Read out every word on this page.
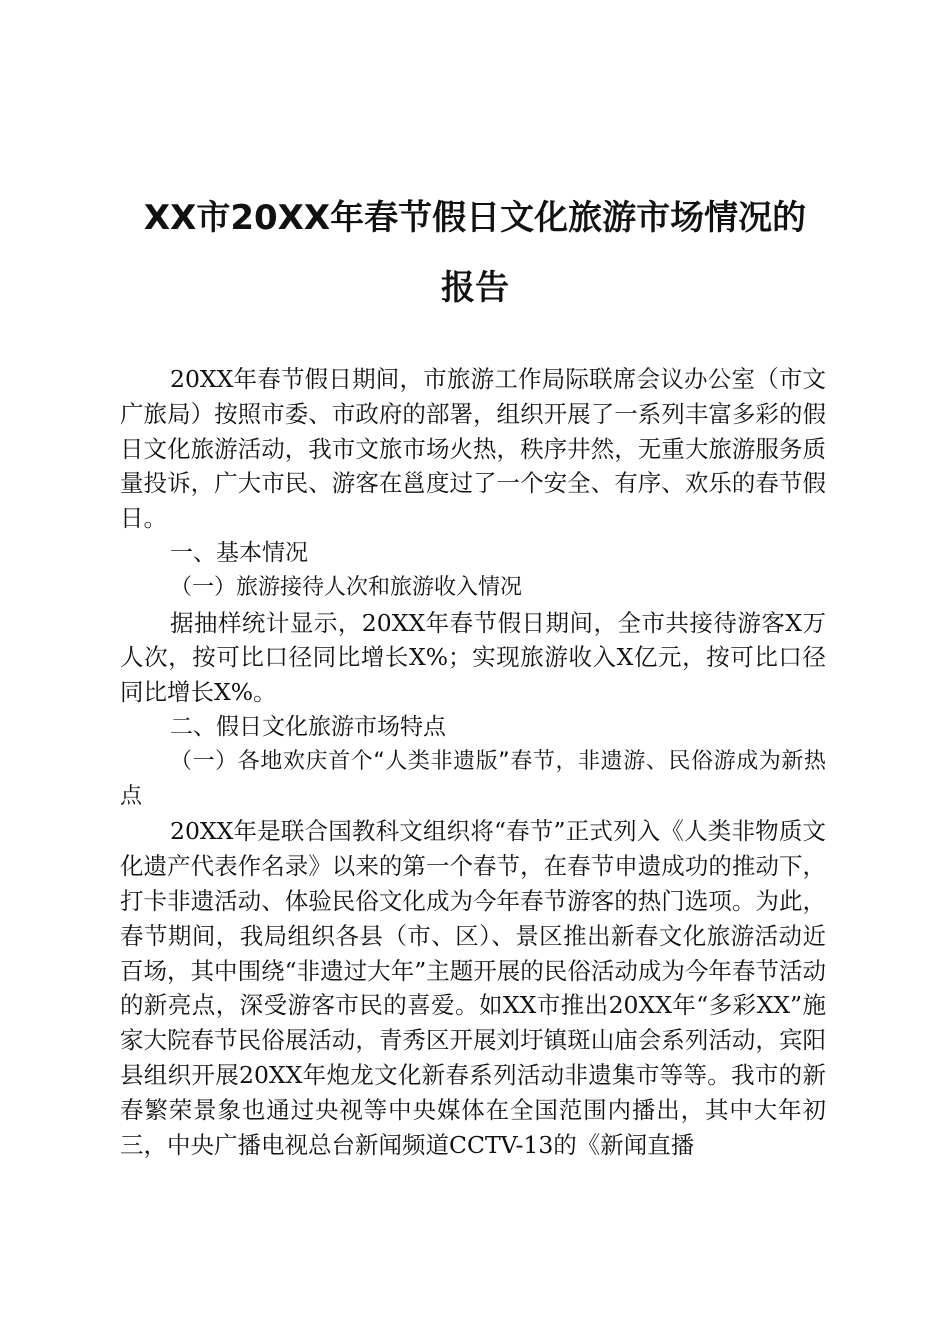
XX市20XX年春节假日文化旅游市场情况的
报告

20XX年春节假日期间，市旅游工作局际联席会议办公室（市文广旅局）按照市委、市政府的部署，组织开展了一系列丰富多彩的假日文化旅游活动，我市文旅市场火热，秩序井然，无重大旅游服务质量投诉，广大市民、游客在邕度过了一个安全、有序、欢乐的春节假日。

一、基本情况

（一）旅游接待人次和旅游收入情况

据抽样统计显示，20XX年春节假日期间，全市共接待游客X万人次，按可比口径同比增长X%；实现旅游收入X亿元，按可比口径同比增长X%。

二、假日文化旅游市场特点

（一）各地欢庆首个“人类非遗版”春节，非遗游、民俗游成为新热点

20XX年是联合国教科文组织将“春节”正式列入《人类非物质文化遗产代表作名录》以来的第一个春节，在春节申遗成功的推动下，打卡非遗活动、体验民俗文化成为今年春节游客的热门选项。为此，春节期间，我局组织各县（市、区）、景区推出新春文化旅游活动近百场，其中围绕“非遗过大年”主题开展的民俗活动成为今年春节活动的新亮点，深受游客市民的喜爱。如XX市推出20XX年“多彩XX”施家大院春节民俗展活动，青秀区开展刘圩镇斑山庙会系列活动，宾阳县组织开展20XX年炮龙文化新春系列活动非遗集市等等。我市的新春繁荣景象也通过央视等中央媒体在全国范围内播出，其中大年初三，中央广播电视总台新闻频道CCTV-13的《新闻直播
